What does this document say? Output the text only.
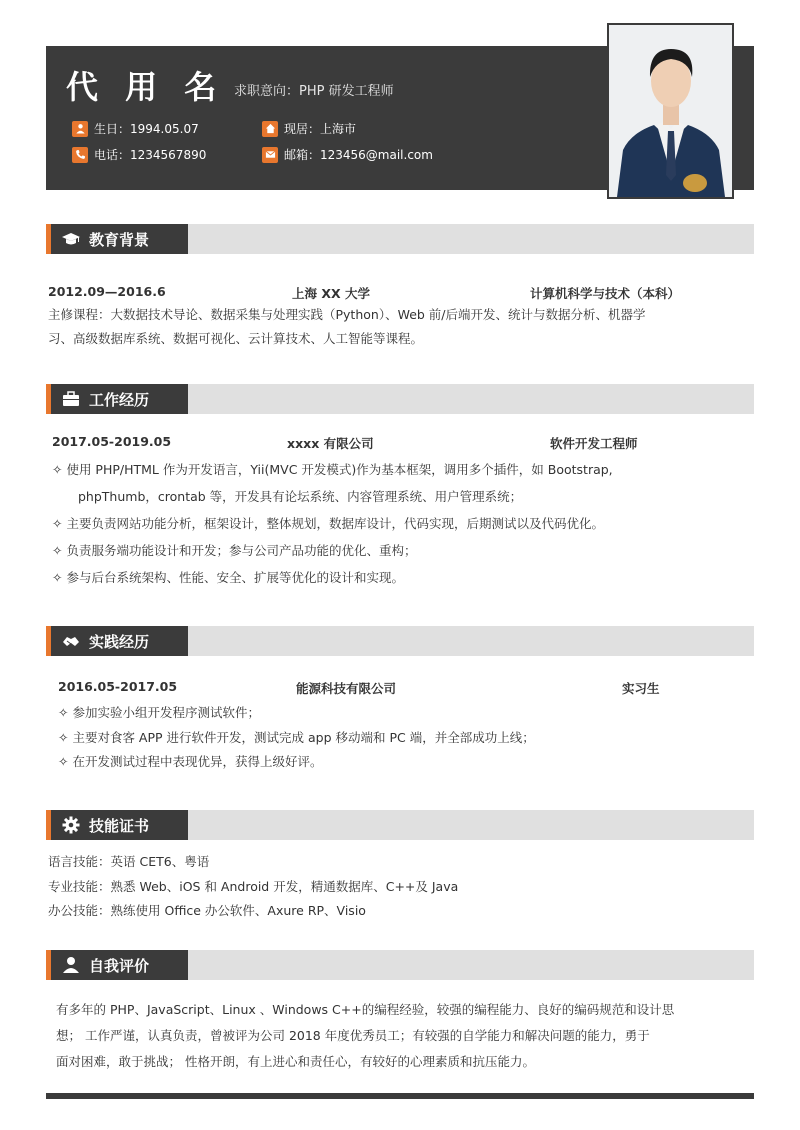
代 用 名 求职意向：PHP 研发工程师
生日：1994.05.07	现居：上海市
电话：1234567890	邮箱：123456@mail.com
教育背景
2012.09—2016.6	上海 XX 大学	计算机科学与技术（本科）
主修课程：大数据技术导论、数据采集与处理实践（Python）、Web 前/后端开发、统计与数据分析、机器学
习、高级数据库系统、数据可视化、云计算技术、人工智能等课程。
工作经历
2017.05-2019.05	xxxx 有限公司	软件开发工程师
✧ 使用 PHP/HTML 作为开发语言，Yii(MVC 开发模式)作为基本框架，调用多个插件，如 Bootstrap,
phpThumb，crontab 等，开发具有论坛系统、内容管理系统、用户管理系统；
✧ 主要负责网站功能分析，框架设计，整体规划，数据库设计，代码实现，后期测试以及代码优化。
✧ 负责服务端功能设计和开发；参与公司产品功能的优化、重构；
✧ 参与后台系统架构、性能、安全、扩展等优化的设计和实现。
实践经历
2016.05-2017.05	能源科技有限公司	实习生
✧ 参加实验小组开发程序测试软件；
✧ 主要对食客 APP 进行软件开发，测试完成 app 移动端和 PC 端，并全部成功上线；
✧ 在开发测试过程中表现优异，获得上级好评。
技能证书
语言技能：英语 CET6、粤语
专业技能：熟悉 Web、iOS 和 Android 开发，精通数据库、C++及 Java
办公技能：熟练使用 Office 办公软件、Axure RP、Visio
自我评价
有多年的 PHP、JavaScript、Linux 、Windows C++的编程经验，较强的编程能力、良好的编码规范和设计思
想； 工作严谨，认真负责，曾被评为公司 2018 年度优秀员工；有较强的自学能力和解决问题的能力，勇于
面对困难，敢于挑战； 性格开朗，有上进心和责任心，有较好的心理素质和抗压能力。
